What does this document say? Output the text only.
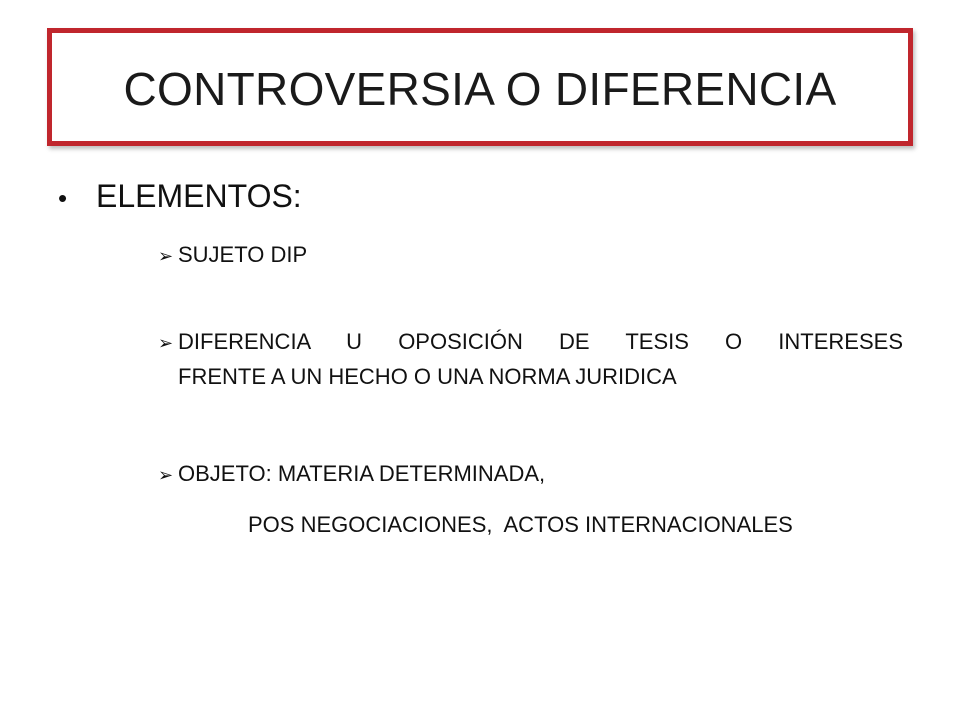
CONTROVERSIA O DIFERENCIA
• ELEMENTOS:
➢ SUJETO DIP
➢ DIFERENCIA U OPOSICIÓN DE TESIS O INTERESES
FRENTE A UN HECHO O UNA NORMA JURIDICA
➢ OBJETO: MATERIA DETERMINADA,
POS NEGOCIACIONES,  ACTOS INTERNACIONALES
